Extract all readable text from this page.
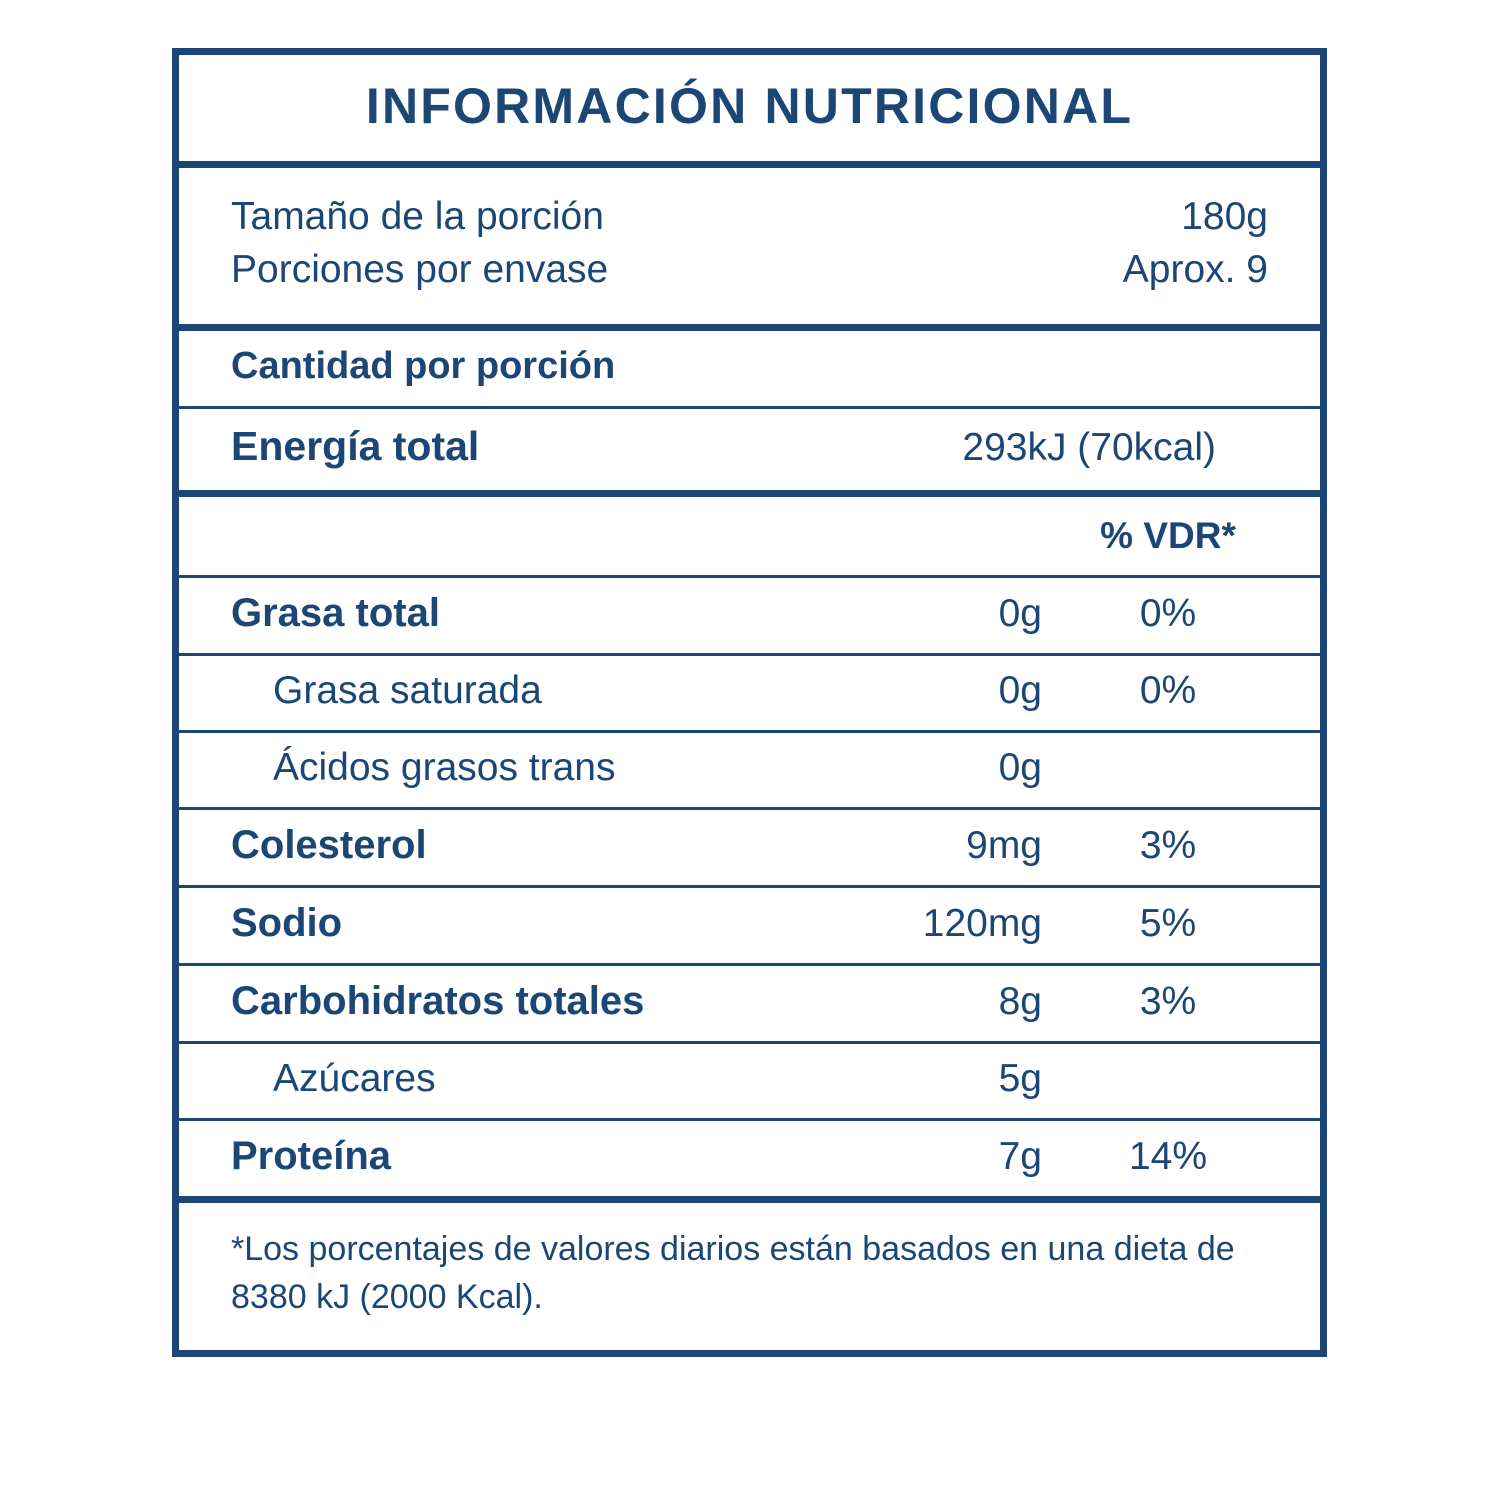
INFORMACIÓN NUTRICIONAL
Tamaño de la porción	180g
Porciones por envase	Aprox. 9
Cantidad por porción
Energía total	293kJ (70kcal)
% VDR*
Grasa total	0g	0%
Grasa saturada	0g	0%
Ácidos grasos trans	0g
Colesterol	9mg	3%
Sodio	120mg	5%
Carbohidratos totales	8g	3%
Azúcares	5g
Proteína	7g	14%
*Los porcentajes de valores diarios están basados en una dieta de 8380 kJ (2000 Kcal).
